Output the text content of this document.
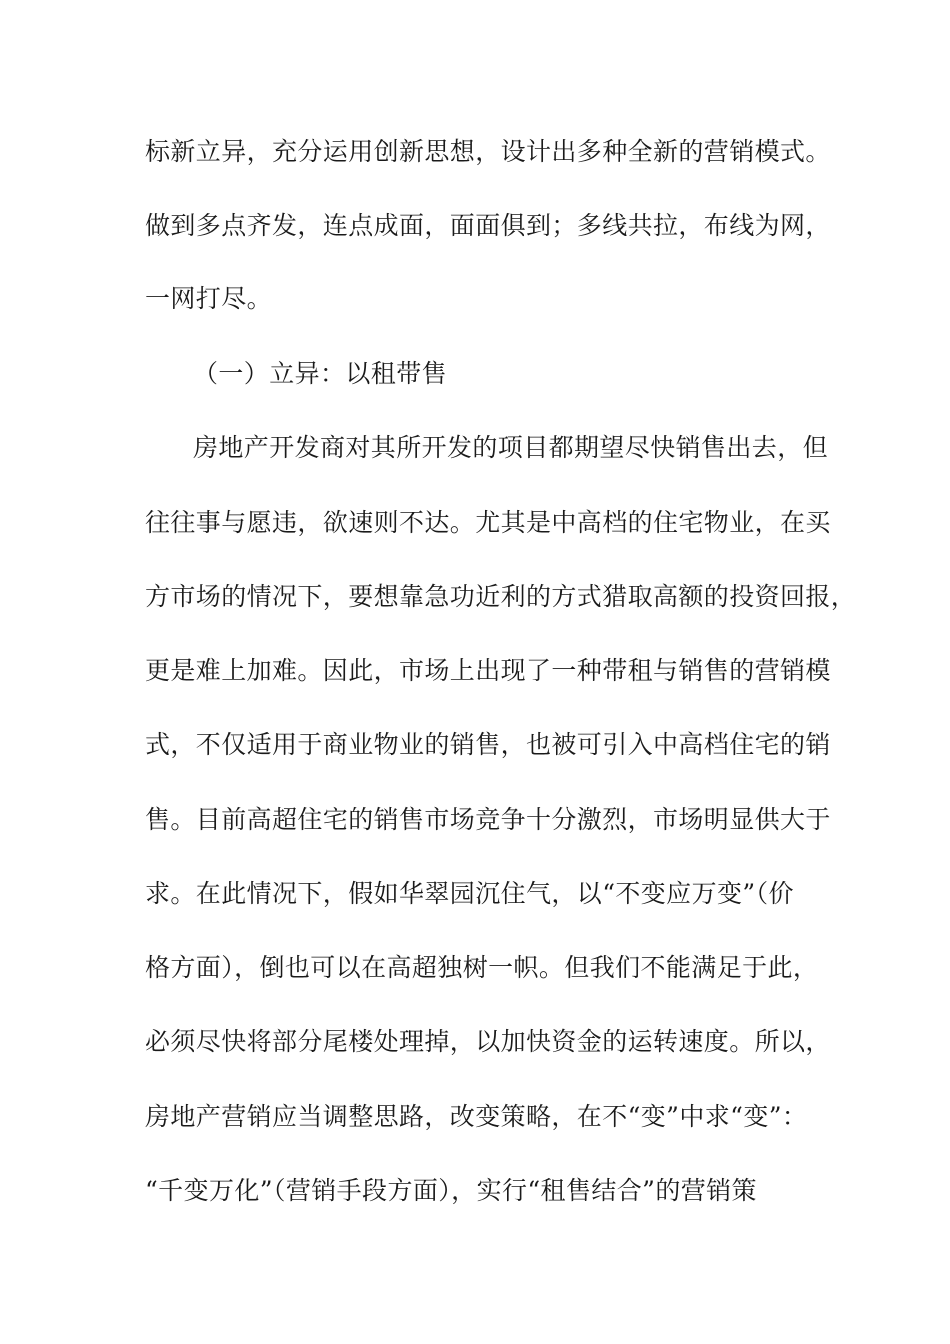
标新立异，充分运用创新思想，设计出多种全新的营销模式。
做到多点齐发，连点成面，面面俱到；多线共拉，布线为网，
一网打尽。
（一）立异：以租带售
房地产开发商对其所开发的项目都期望尽快销售出去，但
往往事与愿违，欲速则不达。尤其是中高档的住宅物业，在买
方市场的情况下，要想靠急功近利的方式猎取高额的投资回报，
更是难上加难。因此，市场上出现了一种带租与销售的营销模
式，不仅适用于商业物业的销售，也被可引入中高档住宅的销
售。目前高超住宅的销售市场竞争十分激烈，市场明显供大于
求。在此情况下，假如华翠园沉住气，以“不变应万变”（价
格方面），倒也可以在高超独树一帜。但我们不能满足于此，
必须尽快将部分尾楼处理掉，以加快资金的运转速度。所以，
房地产营销应当调整思路，改变策略，在不“变”中求“变”：
“千变万化”（营销手段方面），实行“租售结合”的营销策
